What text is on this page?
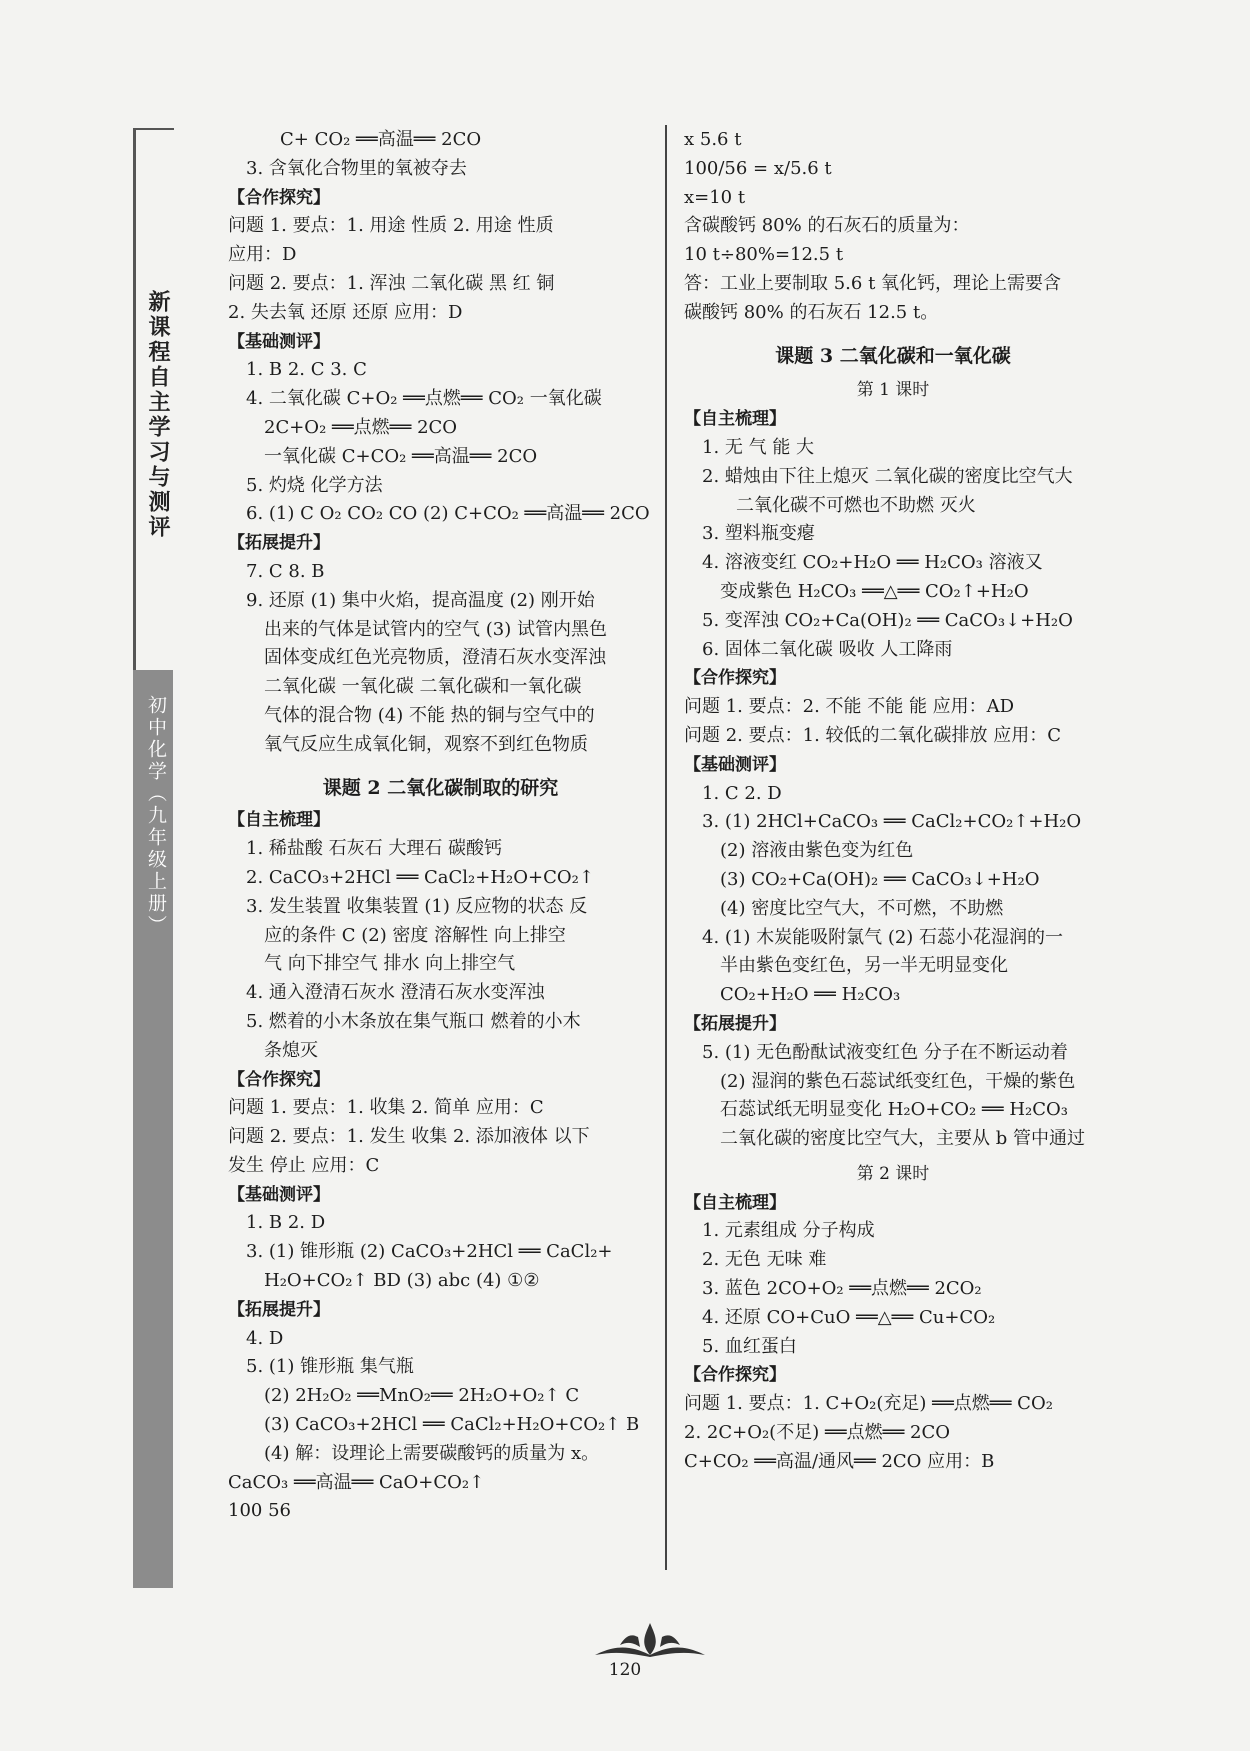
新课程自主学习与测评
初中化学（九年级上册）
C+ CO₂ ══高温══ 2CO
3. 含氧化合物里的氧被夺去
【合作探究】
问题 1. 要点：1. 用途 性质 2. 用途 性质
应用：D
问题 2. 要点：1. 浑浊 二氧化碳 黑 红 铜
2. 失去氧 还原 还原 应用：D
【基础测评】
1. B 2. C 3. C
4. 二氧化碳 C+O₂ ══点燃══ CO₂ 一氧化碳
2C+O₂ ══点燃══ 2CO
一氧化碳 C+CO₂ ══高温══ 2CO
5. 灼烧 化学方法
6. (1) C O₂ CO₂ CO (2) C+CO₂ ══高温══ 2CO
【拓展提升】
7. C 8. B
9. 还原 (1) 集中火焰，提高温度 (2) 刚开始
出来的气体是试管内的空气 (3) 试管内黑色
固体变成红色光亮物质，澄清石灰水变浑浊
二氧化碳 一氧化碳 二氧化碳和一氧化碳
气体的混合物 (4) 不能 热的铜与空气中的
氧气反应生成氧化铜，观察不到红色物质
课题 2 二氧化碳制取的研究
【自主梳理】
1. 稀盐酸 石灰石 大理石 碳酸钙
2. CaCO₃+2HCl ══ CaCl₂+H₂O+CO₂↑
3. 发生装置 收集装置 (1) 反应物的状态 反
应的条件 C (2) 密度 溶解性 向上排空
气 向下排空气 排水 向上排空气
4. 通入澄清石灰水 澄清石灰水变浑浊
5. 燃着的小木条放在集气瓶口 燃着的小木
条熄灭
【合作探究】
问题 1. 要点：1. 收集 2. 简单 应用：C
问题 2. 要点：1. 发生 收集 2. 添加液体 以下
发生 停止 应用：C
【基础测评】
1. B 2. D
3. (1) 锥形瓶 (2) CaCO₃+2HCl ══ CaCl₂+
H₂O+CO₂↑ BD (3) abc (4) ①②
【拓展提升】
4. D
5. (1) 锥形瓶 集气瓶
(2) 2H₂O₂ ══MnO₂══ 2H₂O+O₂↑ C
(3) CaCO₃+2HCl ══ CaCl₂+H₂O+CO₂↑ B
(4) 解：设理论上需要碳酸钙的质量为 x。
CaCO₃ ══高温══ CaO+CO₂↑
100 56
x 5.6 t
100/56 = x/5.6 t
x=10 t
含碳酸钙 80% 的石灰石的质量为：
10 t÷80%=12.5 t
答：工业上要制取 5.6 t 氧化钙，理论上需要含
碳酸钙 80% 的石灰石 12.5 t。
课题 3 二氧化碳和一氧化碳
第 1 课时
【自主梳理】
1. 无 气 能 大
2. 蜡烛由下往上熄灭 二氧化碳的密度比空气大
二氧化碳不可燃也不助燃 灭火
3. 塑料瓶变瘪
4. 溶液变红 CO₂+H₂O ══ H₂CO₃ 溶液又
变成紫色 H₂CO₃ ══△══ CO₂↑+H₂O
5. 变浑浊 CO₂+Ca(OH)₂ ══ CaCO₃↓+H₂O
6. 固体二氧化碳 吸收 人工降雨
【合作探究】
问题 1. 要点：2. 不能 不能 能 应用：AD
问题 2. 要点：1. 较低的二氧化碳排放 应用：C
【基础测评】
1. C 2. D
3. (1) 2HCl+CaCO₃ ══ CaCl₂+CO₂↑+H₂O
(2) 溶液由紫色变为红色
(3) CO₂+Ca(OH)₂ ══ CaCO₃↓+H₂O
(4) 密度比空气大，不可燃，不助燃
4. (1) 木炭能吸附氯气 (2) 石蕊小花湿润的一
半由紫色变红色，另一半无明显变化
CO₂+H₂O ══ H₂CO₃
【拓展提升】
5. (1) 无色酚酞试液变红色 分子在不断运动着
(2) 湿润的紫色石蕊试纸变红色，干燥的紫色
石蕊试纸无明显变化 H₂O+CO₂ ══ H₂CO₃
二氧化碳的密度比空气大，主要从 b 管中通过
第 2 课时
【自主梳理】
1. 元素组成 分子构成
2. 无色 无味 难
3. 蓝色 2CO+O₂ ══点燃══ 2CO₂
4. 还原 CO+CuO ══△══ Cu+CO₂
5. 血红蛋白
【合作探究】
问题 1. 要点：1. C+O₂(充足) ══点燃══ CO₂
2. 2C+O₂(不足) ══点燃══ 2CO
C+CO₂ ══高温/通风══ 2CO 应用：B
120
